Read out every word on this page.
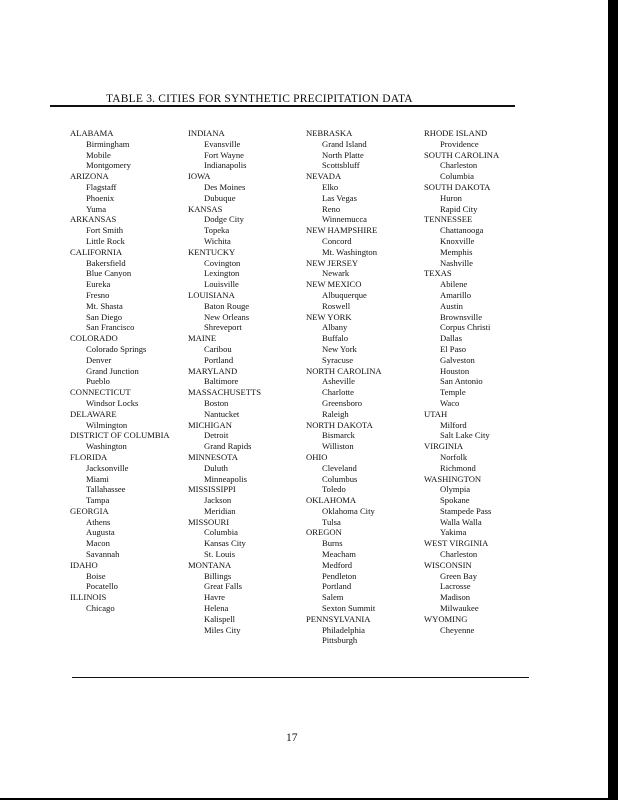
TABLE 3. CITIES FOR SYNTHETIC PRECIPITATION DATA
ALABAMA
Birmingham
Mobile
Montgomery
ARIZONA
Flagstaff
Phoenix
Yuma
ARKANSAS
Fort Smith
Little Rock
CALIFORNIA
Bakersfield
Blue Canyon
Eureka
Fresno
Mt. Shasta
San Diego
San Francisco
COLORADO
Colorado Springs
Denver
Grand Junction
Pueblo
CONNECTICUT
Windsor Locks
DELAWARE
Wilmington
DISTRICT OF COLUMBIA
Washington
FLORIDA
Jacksonville
Miami
Tallahassee
Tampa
GEORGIA
Athens
Augusta
Macon
Savannah
IDAHO
Boise
Pocatello
ILLINOIS
Chicago
INDIANA
Evansville
Fort Wayne
Indianapolis
IOWA
Des Moines
Dubuque
KANSAS
Dodge City
Topeka
Wichita
KENTUCKY
Covington
Lexington
Louisville
LOUISIANA
Baton Rouge
New Orleans
Shreveport
MAINE
Caribou
Portland
MARYLAND
Baltimore
MASSACHUSETTS
Boston
Nantucket
MICHIGAN
Detroit
Grand Rapids
MINNESOTA
Duluth
Minneapolis
MISSISSIPPI
Jackson
Meridian
MISSOURI
Columbia
Kansas City
St. Louis
MONTANA
Billings
Great Falls
Havre
Helena
Kalispell
Miles City
NEBRASKA
Grand Island
North Platte
Scottsbluff
NEVADA
Elko
Las Vegas
Reno
Winnemucca
NEW HAMPSHIRE
Concord
Mt. Washington
NEW JERSEY
Newark
NEW MEXICO
Albuquerque
Roswell
NEW YORK
Albany
Buffalo
New York
Syracuse
NORTH CAROLINA
Asheville
Charlotte
Greensboro
Raleigh
NORTH DAKOTA
Bismarck
Williston
OHIO
Cleveland
Columbus
Toledo
OKLAHOMA
Oklahoma City
Tulsa
OREGON
Burns
Meacham
Medford
Pendleton
Portland
Salem
Sexton Summit
PENNSYLVANIA
Philadelphia
Pittsburgh
RHODE ISLAND
Providence
SOUTH CAROLINA
Charleston
Columbia
SOUTH DAKOTA
Huron
Rapid City
TENNESSEE
Chattanooga
Knoxville
Memphis
Nashville
TEXAS
Abilene
Amarillo
Austin
Brownsville
Corpus Christi
Dallas
El Paso
Galveston
Houston
San Antonio
Temple
Waco
UTAH
Milford
Salt Lake City
VIRGINIA
Norfolk
Richmond
WASHINGTON
Olympia
Spokane
Stampede Pass
Walla Walla
Yakima
WEST VIRGINIA
Charleston
WISCONSIN
Green Bay
Lacrosse
Madison
Milwaukee
WYOMING
Cheyenne
17
